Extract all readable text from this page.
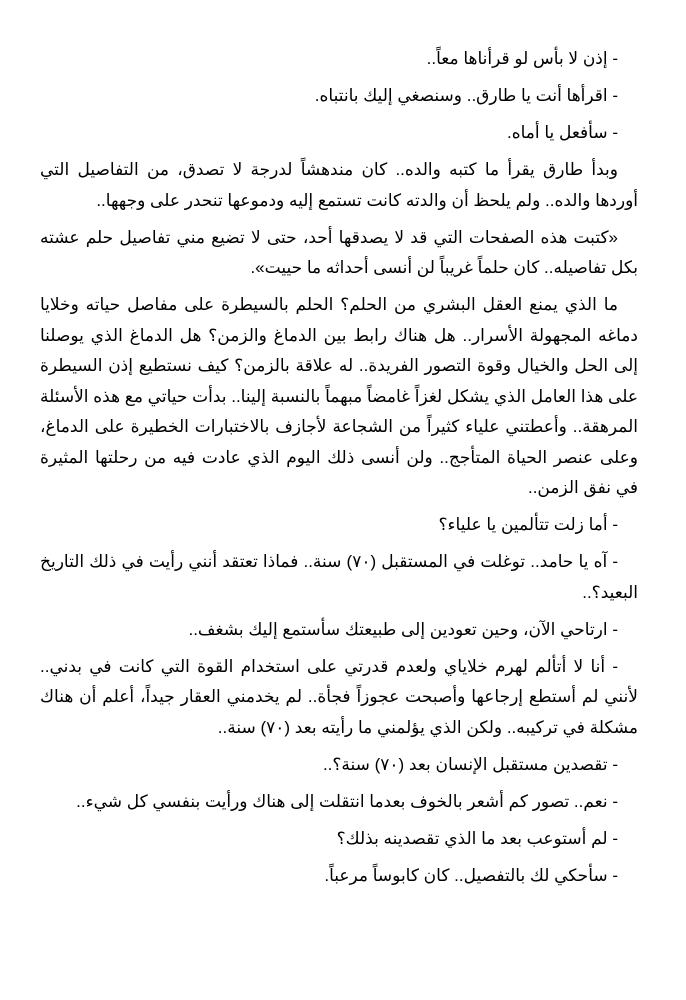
- إذن لا بأس لو قرأناها معاً..

- اقرأها أنت يا طارق.. وسنصغي إليك بانتباه.

- سأفعل يا أماه.

وبدأ طارق يقرأ ما كتبه والده.. كان مندهشاً لدرجة لا تصدق، من التفاصيل التي أوردها والده.. ولم يلحظ أن والدته كانت تستمع إليه ودموعها تنحدر على وجهها..

«كتبت هذه الصفحات التي قد لا يصدقها أحد، حتى لا تضيع مني تفاصيل حلم عشته بكل تفاصيله.. كان حلماً غريباً لن أنسى أحداثه ما حييت».

ما الذي يمنع العقل البشري من الحلم؟ الحلم بالسيطرة على مفاصل حياته وخلايا دماغه المجهولة الأسرار.. هل هناك رابط بين الدماغ والزمن؟ هل الدماغ الذي يوصلنا إلى الحل والخيال وقوة التصور الفريدة.. له علاقة بالزمن؟ كيف نستطيع إذن السيطرة على هذا العامل الذي يشكل لغزاً غامضاً مبهماً بالنسبة إلينا.. بدأت حياتي مع هذه الأسئلة المرهقة.. وأعطتني علياء كثيراً من الشجاعة لأجازف بالاختبارات الخطيرة على الدماغ، وعلى عنصر الحياة المتأجج.. ولن أنسى ذلك اليوم الذي عادت فيه من رحلتها المثيرة في نفق الزمن..

- أما زلت تتألمين يا علياء؟

- آه يا حامد.. توغلت في المستقبل (٧٠) سنة.. فماذا تعتقد أنني رأيت في ذلك التاريخ البعيد؟..

- ارتاحي الآن، وحين تعودين إلى طبيعتك سأستمع إليك بشغف..

- أنا لا أتألم لهرم خلاياي ولعدم قدرتي على استخدام القوة التي كانت في بدني.. لأنني لم أستطع إرجاعها وأصبحت عجوزاً فجأة.. لم يخدمني العقار جيداً، أعلم أن هناك مشكلة في تركيبه.. ولكن الذي يؤلمني ما رأيته بعد (٧٠) سنة..

- تقصدين مستقبل الإنسان بعد (٧٠) سنة؟..

- نعم.. تصور كم أشعر بالخوف بعدما انتقلت إلى هناك ورأيت بنفسي كل شيء..

- لم أستوعب بعد ما الذي تقصدينه بذلك؟

- سأحكي لك بالتفصيل.. كان كابوساً مرعباً.
